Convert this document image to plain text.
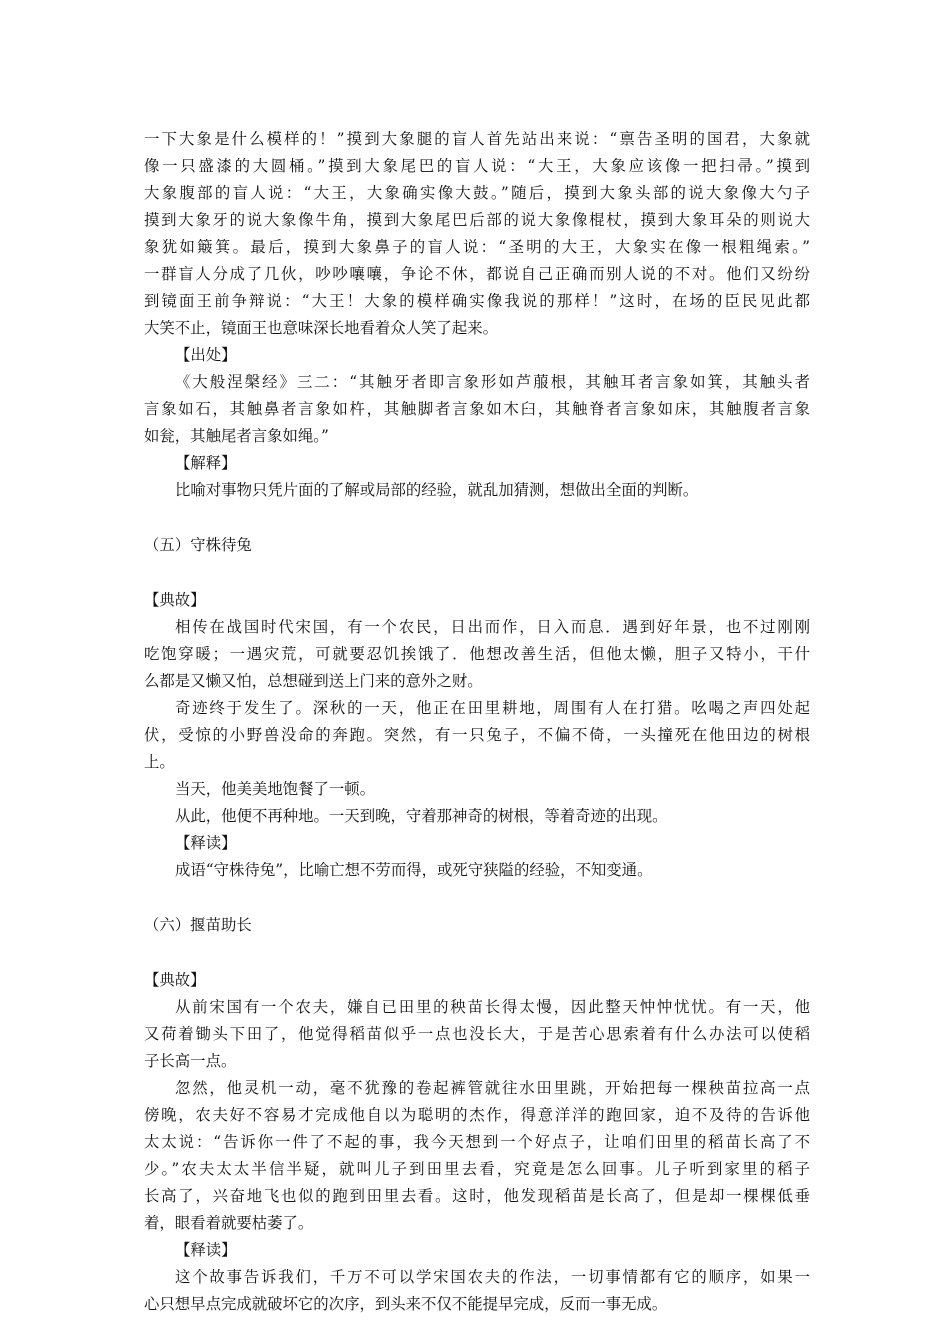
一下大象是什么模样的！”摸到大象腿的盲人首先站出来说：“禀告圣明的国君，大象就
像一只盛漆的大圆桶。”摸到大象尾巴的盲人说：“大王，大象应该像一把扫帚。”摸到
大象腹部的盲人说：“大王，大象确实像大鼓。”随后，摸到大象头部的说大象像大勺子
摸到大象牙的说大象像牛角，摸到大象尾巴后部的说大象像棍杖，摸到大象耳朵的则说大
象犹如簸箕。最后，摸到大象鼻子的盲人说：“圣明的大王，大象实在像一根粗绳索。”
一群盲人分成了几伙，吵吵嚷嚷，争论不休，都说自己正确而别人说的不对。他们又纷纷
到镜面王前争辩说：“大王！大象的模样确实像我说的那样！”这时，在场的臣民见此都
大笑不止，镜面王也意味深长地看着众人笑了起来。
【出处】
《大般涅槃经》三二：“其触牙者即言象形如芦菔根，其触耳者言象如箕，其触头者
言象如石，其触鼻者言象如杵，其触脚者言象如木臼，其触脊者言象如床，其触腹者言象
如瓮，其触尾者言象如绳。”
【解释】
比喻对事物只凭片面的了解或局部的经验，就乱加猜测，想做出全面的判断。
（五）守株待兔
【典故】
相传在战国时代宋国，有一个农民，日出而作，日入而息．遇到好年景，也不过刚刚
吃饱穿暖；一遇灾荒，可就要忍饥挨饿了．他想改善生活，但他太懒，胆子又特小，干什
么都是又懒又怕，总想碰到送上门来的意外之财。
奇迹终于发生了。深秋的一天，他正在田里耕地，周围有人在打猎。吆喝之声四处起
伏，受惊的小野兽没命的奔跑。突然，有一只兔子，不偏不倚，一头撞死在他田边的树根
上。
当天，他美美地饱餐了一顿。
从此，他便不再种地。一天到晚，守着那神奇的树根，等着奇迹的出现。
【释读】
成语“守株待兔”，比喻亡想不劳而得，或死守狭隘的经验，不知变通。
（六）揠苗助长
【典故】
从前宋国有一个农夫，嫌自已田里的秧苗长得太慢，因此整天忡忡忧忧。有一天，他
又荷着锄头下田了，他觉得稻苗似乎一点也没长大，于是苦心思索着有什么办法可以使稻
子长高一点。
忽然，他灵机一动，毫不犹豫的卷起裤管就往水田里跳，开始把每一棵秧苗拉高一点
傍晚，农夫好不容易才完成他自以为聪明的杰作，得意洋洋的跑回家，迫不及待的告诉他
太太说：“告诉你一件了不起的事，我今天想到一个好点子，让咱们田里的稻苗长高了不
少。”农夫太太半信半疑，就叫儿子到田里去看，究竟是怎么回事。儿子听到家里的稻子
长高了，兴奋地飞也似的跑到田里去看。这时，他发现稻苗是长高了，但是却一棵棵低垂
着，眼看着就要枯萎了。
【释读】
这个故事告诉我们，千万不可以学宋国农夫的作法，一切事情都有它的顺序，如果一
心只想早点完成就破坏它的次序，到头来不仅不能提早完成，反而一事无成。
